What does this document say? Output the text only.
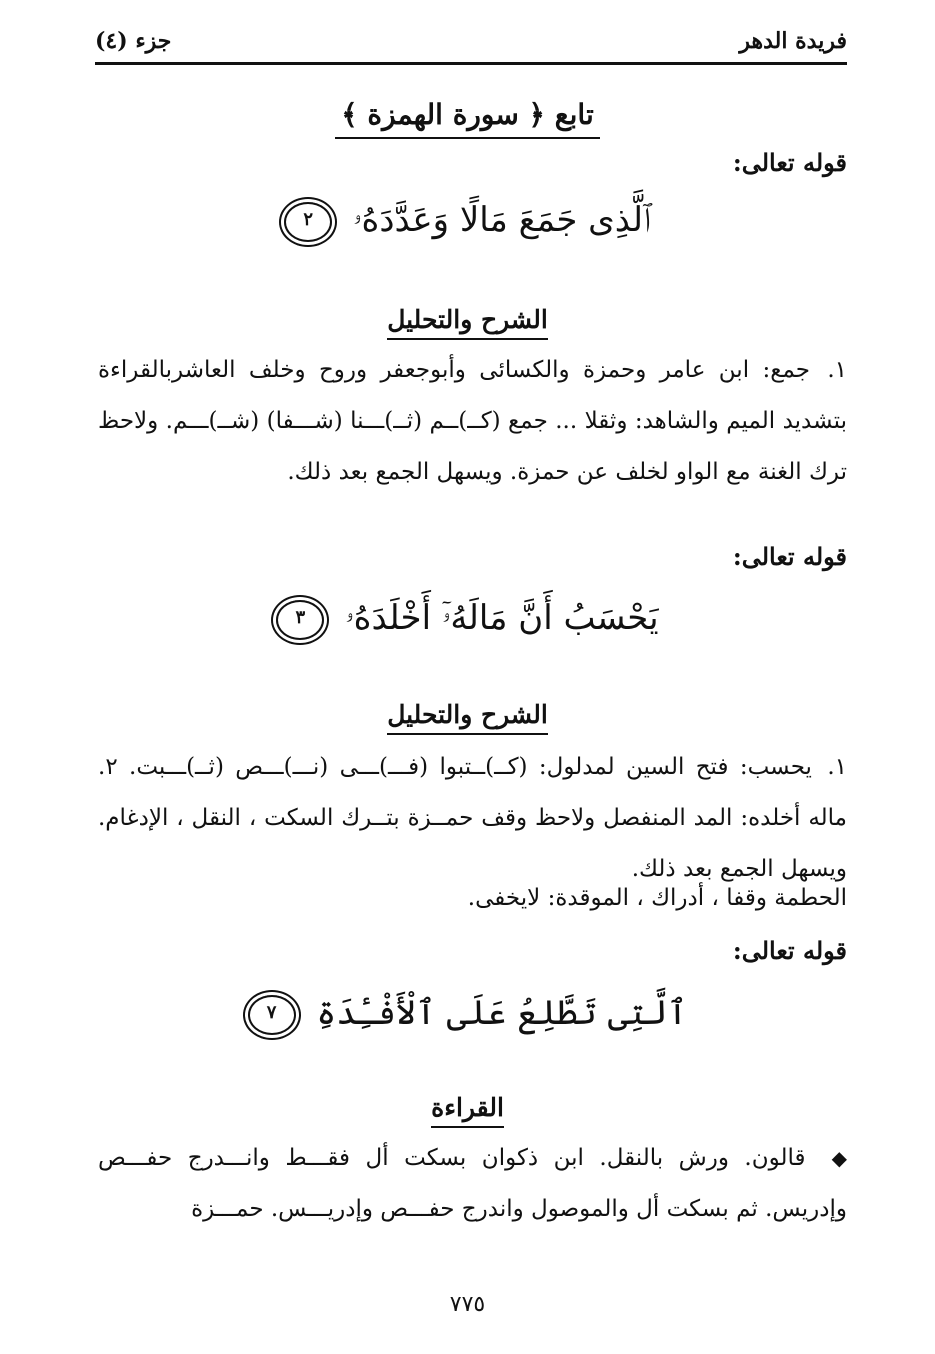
فريدة الدهر
جزء (٤)
تابع ﴿ سورة الهمزة ﴾
قوله تعالى:
ٱلَّذِى جَمَعَ مَالًا وَعَدَّدَهُۥ ٢
الشرح والتحليل
١. جمع: ابن عامر وحمزة والكسائى وأبوجعفر وروح وخلف العاشربالقراءة بتشديد الميم والشاهد: وثقلا ... جمع (كــ)ــم (ثــ)ـــنا (شـــفا) (شــ)ـــم. ولاحظ ترك الغنة مع الواو لخلف عن حمزة. ويسهل الجمع بعد ذلك.
قوله تعالى:
يَحْسَبُ أَنَّ مَالَهُۥٓ أَخْلَدَهُۥ ٣
الشرح والتحليل
١. يحسب: فتح السين لمدلول: (كــ)ــتبوا (فـــ)ـــى (نـــ)ـــص (ثــ)ـــبت. ٢. ماله أخلده: المد المنفصل ولاحظ وقف حمــزة بتــرك السكت ، النقل ، الإدغام. ويسهل الجمع بعد ذلك.
الحطمة وقفا ، أدراك ، الموقدة: لايخفى.
قوله تعالى:
ٱلَّتِى تَطَّلِعُ عَلَى ٱلْأَفْـِٔدَةِ ٧
القراءة
◆ قالون. ورش بالنقل. ابن ذكوان بسكت أل فقـــط وانـــدرج حفـــص وإدريس. ثم بسكت أل والموصول واندرج حفـــص وإدريـــس. حمـــزة
٧٧٥
